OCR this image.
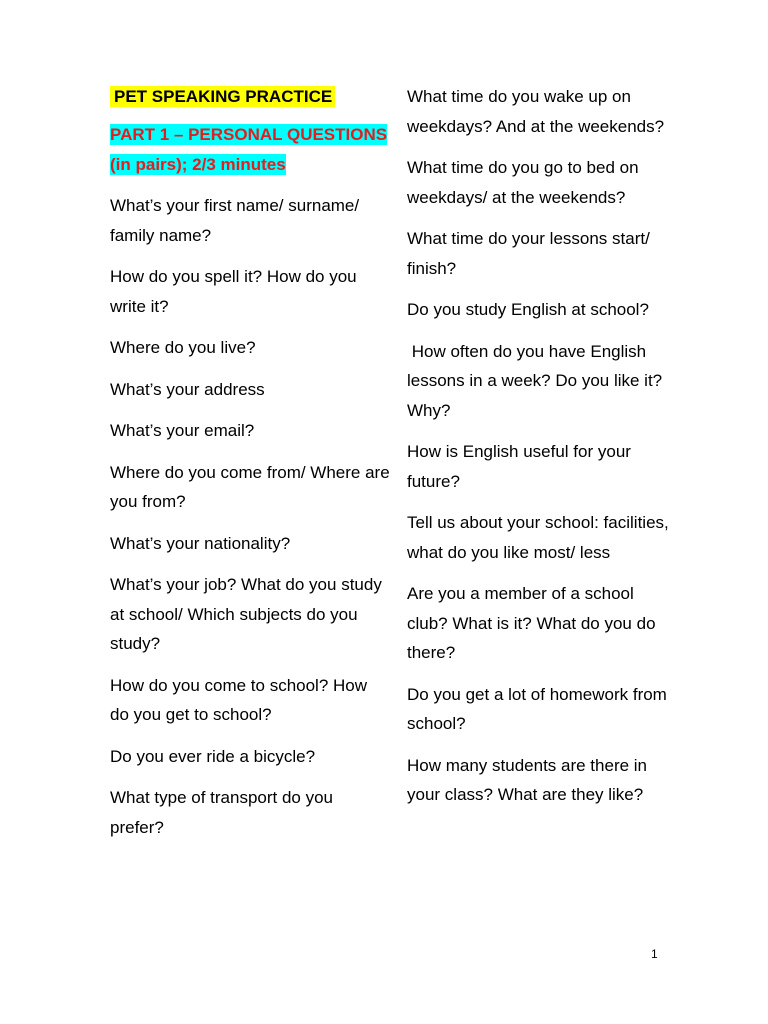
PET SPEAKING PRACTICE
PART 1 – PERSONAL QUESTIONS (in pairs); 2/3 minutes

What’s your first name/ surname/ family name?

How do you spell it? How do you write it?

Where do you live?

What’s your address

What’s your email?

Where do you come from/ Where are you from?

What’s your nationality?

What’s your job? What do you study at school/ Which subjects do you study?

How do you come to school? How do you get to school?

Do you ever ride a bicycle?

What type of transport do you prefer?

What time do you wake up on weekdays? And at the weekends?

What time do you go to bed on weekdays/ at the weekends?

What time do your lessons start/ finish?

Do you study English at school?

How often do you have English lessons in a week? Do you like it? Why?

How is English useful for your future?

Tell us about your school: facilities, what do you like most/ less

Are you a member of a school club? What is it? What do you do there?

Do you get a lot of homework from school?

How many students are there in your class? What are they like?

1
